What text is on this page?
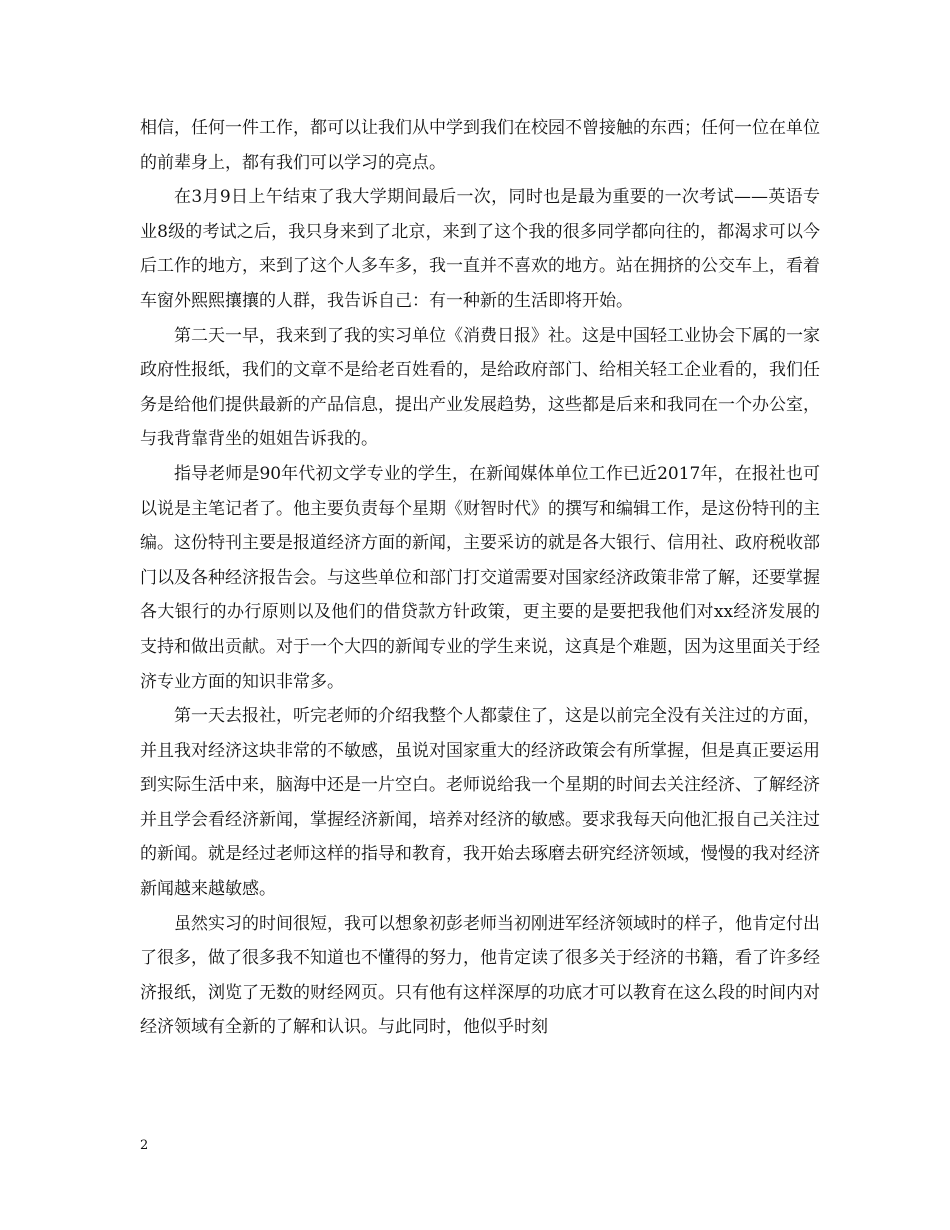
相信，任何一件工作，都可以让我们从中学到我们在校园不曾接触的东西；任何一位在单位的前辈身上，都有我们可以学习的亮点。

在3月9日上午结束了我大学期间最后一次，同时也是最为重要的一次考试——英语专业8级的考试之后，我只身来到了北京，来到了这个我的很多同学都向往的，都渴求可以今后工作的地方，来到了这个人多车多，我一直并不喜欢的地方。站在拥挤的公交车上，看着车窗外熙熙攘攘的人群，我告诉自己：有一种新的生活即将开始。

第二天一早，我来到了我的实习单位《消费日报》社。这是中国轻工业协会下属的一家政府性报纸，我们的文章不是给老百姓看的，是给政府部门、给相关轻工企业看的，我们任务是给他们提供最新的产品信息，提出产业发展趋势，这些都是后来和我同在一个办公室，与我背靠背坐的姐姐告诉我的。

指导老师是90年代初文学专业的学生，在新闻媒体单位工作已近2017年，在报社也可以说是主笔记者了。他主要负责每个星期《财智时代》的撰写和编辑工作，是这份特刊的主编。这份特刊主要是报道经济方面的新闻，主要采访的就是各大银行、信用社、政府税收部门以及各种经济报告会。与这些单位和部门打交道需要对国家经济政策非常了解，还要掌握各大银行的办行原则以及他们的借贷款方针政策，更主要的是要把我他们对xx经济发展的支持和做出贡献。对于一个大四的新闻专业的学生来说，这真是个难题，因为这里面关于经济专业方面的知识非常多。

第一天去报社，听完老师的介绍我整个人都蒙住了，这是以前完全没有关注过的方面，并且我对经济这块非常的不敏感，虽说对国家重大的经济政策会有所掌握，但是真正要运用到实际生活中来，脑海中还是一片空白。老师说给我一个星期的时间去关注经济、了解经济并且学会看经济新闻，掌握经济新闻，培养对经济的敏感。要求我每天向他汇报自己关注过的新闻。就是经过老师这样的指导和教育，我开始去琢磨去研究经济领域，慢慢的我对经济新闻越来越敏感。

虽然实习的时间很短，我可以想象初彭老师当初刚进军经济领域时的样子，他肯定付出了很多，做了很多我不知道也不懂得的努力，他肯定读了很多关于经济的书籍，看了许多经济报纸，浏览了无数的财经网页。只有他有这样深厚的功底才可以教育在这么段的时间内对经济领域有全新的了解和认识。与此同时，他似乎时刻

2
